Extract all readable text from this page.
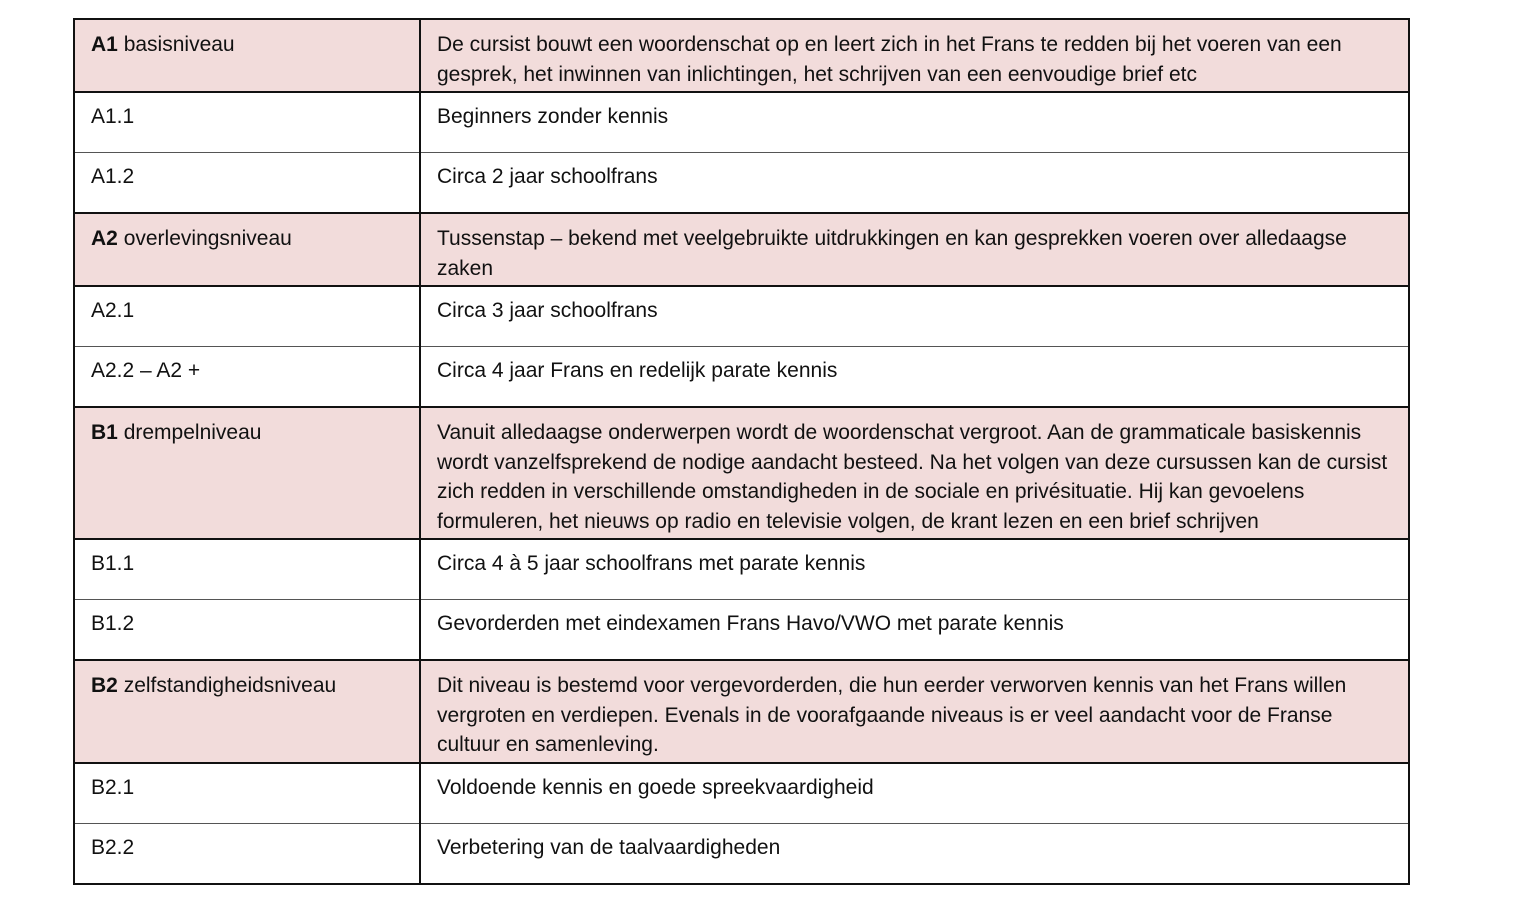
A1 basisniveau	De cursist bouwt een woordenschat op en leert zich in het Frans te redden bij het voeren van een gesprek, het inwinnen van inlichtingen, het schrijven van een eenvoudige brief etc
A1.1	Beginners zonder kennis
A1.2	Circa 2 jaar schoolfrans
A2 overlevingsniveau	Tussenstap – bekend met veelgebruikte uitdrukkingen en kan gesprekken voeren over alledaagse zaken
A2.1	Circa 3 jaar schoolfrans
A2.2 – A2 +	Circa 4 jaar Frans en redelijk parate kennis
B1 drempelniveau	Vanuit alledaagse onderwerpen wordt de woordenschat vergroot. Aan de grammaticale basiskennis wordt vanzelfsprekend de nodige aandacht besteed. Na het volgen van deze cursussen kan de cursist zich redden in verschillende omstandigheden in de sociale en privésituatie. Hij kan gevoelens formuleren, het nieuws op radio en televisie volgen, de krant lezen en een brief schrijven
B1.1	Circa 4 à 5 jaar schoolfrans met parate kennis
B1.2	Gevorderden met eindexamen Frans Havo/VWO met parate kennis
B2 zelfstandigheidsniveau	Dit niveau is bestemd voor vergevorderden, die hun eerder verworven kennis van het Frans willen vergroten en verdiepen. Evenals in de voorafgaande niveaus is er veel aandacht voor de Franse cultuur en samenleving.
B2.1	Voldoende kennis en goede spreekvaardigheid
B2.2	Verbetering van de taalvaardigheden
